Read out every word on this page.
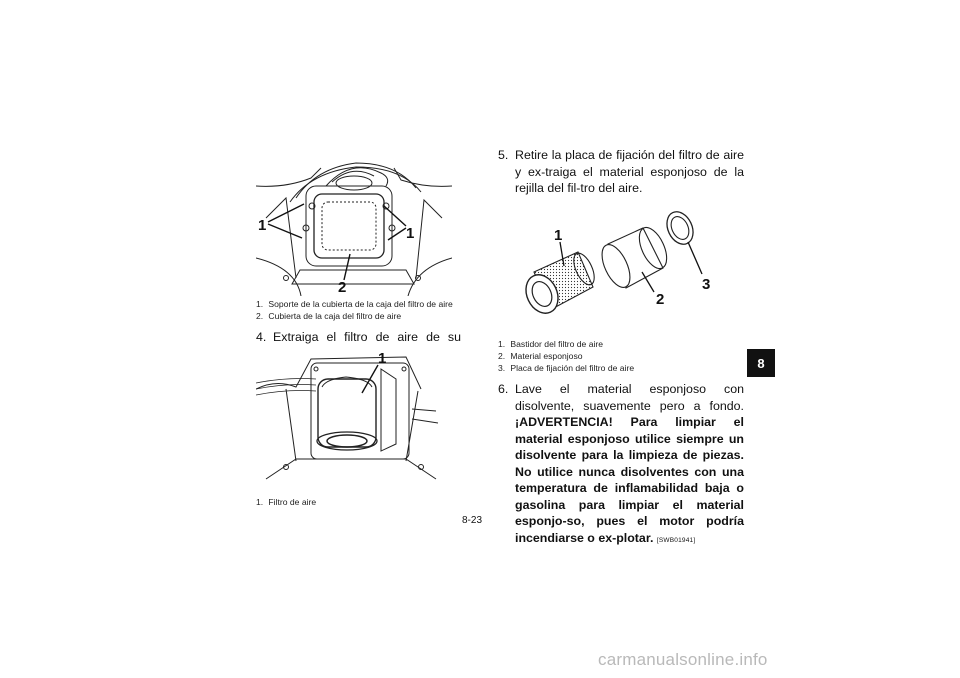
1	1
2
1. Soporte de la cubierta de la caja del filtro de aire
2. Cubierta de la caja del filtro de aire
4. Extraiga el filtro de aire de su
1
1. Filtro de aire
5. Retire la placa de fijación del filtro de aire y ex-traiga el material esponjoso de la rejilla del fil-tro del aire.
1
2
3
1. Bastidor del filtro de aire
2. Material esponjoso
3. Placa de fijación del filtro de aire
6. Lave el material esponjoso con disolvente, suavemente pero a fondo. ¡ADVERTENCIA! Para limpiar el material esponjoso utilice siempre un disolvente para la limpieza de piezas. No utilice nunca disolventes con una temperatura de inflamabilidad baja o gasolina para limpiar el material esponjo-so, pues el motor podría incendiarse o ex-plotar. [SWB01941]
8
8-23
carmanualsonline.info
